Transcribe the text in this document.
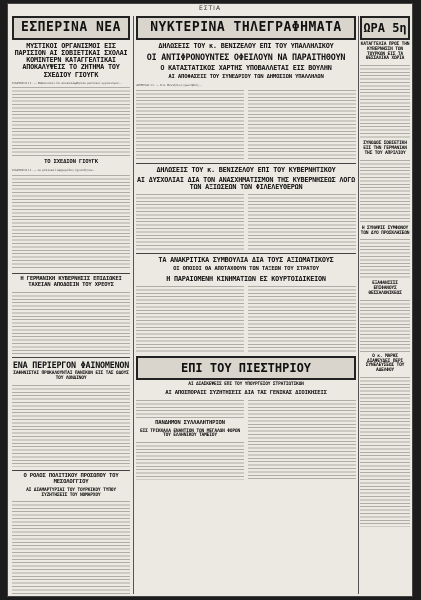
ΕΣΤΙΑ
ΕΣΠΕΡΙΝΑ ΝΕΑ
ΜΥΣΤΙΚΟΙ ΟΡΓΑΝΙΣΜΟΙ ΕΙΣ ΠΑΡΙΣΙΟΝ ΑΙ ΣΟΒΙΕΤΙΚΑΙ ΣΧΟΛΑΙ ΚΟΜΙΝΤΕΡΝ ΚΑΤΑΓΓΕΛΤΙΚΑΙ ΑΠΟΚΑΛΥΨΕΙΣ ΤΟ ΖΗΤΗΜΑ ΤΟΥ ΣΧΕΔΙΟΥ ΓΙΟΥΓΚ
ΠΑΡΙΣΙΟΙ 11. — Βεβαιούται ότι ανεκαλύφθησαν μυστικοί οργανισμοί...
ΤΟ ΣΧΕΔΙΟΝ ΓΙΟΥΓΚ
ΠΑΡΙΣΙΟΙ 11. — Αι γαλλικαί εφημερίδες σχολιάζουν...
Η ΓΕΡΜΑΝΙΚΗ ΚΥΒΕΡΝΗΣΙΣ ΕΠΙΔΙΩΚΕΙ ΤΑΧΕΙΑΝ ΑΠΟΔΟΣΙΝ ΤΟΥ ΧΡΕΟΥΣ
ΕΝΑ ΠΕΡΙΕΡΓΟΝ ΦΑΙΝΟΜΕΝΟΝ
ΣΑΦΗΝΙΣΤΑΙ ΠΡΟΚΑΛΟΥΝΤΑΙ ΠΑΝΙΚΟΝ ΕΙΣ ΤΑΣ ΟΔΟΥΣ ΤΟΥ ΛΟΝΔΙΝΟΥ
Ο ΡΟΛΟΣ ΠΟΛΙΤΙΚΟΥ ΠΡΟΣΩΠΟΥ ΤΟΥ ΜΕΣΟΛΟΓΓΙΟΥ
ΑΙ ΔΙΑΜΑΡΤΥΡΙΑΙ ΤΟΥ ΤΟΥΡΚΙΚΟΥ ΤΥΠΟΥ ΣΥΖΗΤΗΣΕΙΣ ΤΟΥ ΝΟΜΑΡΧΟΥ
ΝΥΚΤΕΡΙΝΑ ΤΗΛΕΓΡΑΦΗΜΑΤΑ
ΔΗΛΩΣΕΙΣ ΤΟΥ κ. ΒΕΝΙΖΕΛΟΥ ΕΠΙ ΤΟΥ ΥΠΑΛΛΗΛΙΚΟΥ
ΟΙ ΑΝΤΙΦΡΟΝΟΥΝΤΕΣ ΟΦΕΙΛΟΥΝ ΝΑ ΠΑΡΑΙΤΗΘΟΥΝ
Ο ΚΑΤΑΣΤΑΤΙΚΟΣ ΧΑΡΤΗΣ ΥΠΟΒΑΛΛΕΤΑΙ ΕΙΣ ΒΟΥΛΗΝ
ΑΙ ΑΠΟΦΑΣΕΙΣ ΤΟΥ ΣΥΝΕΔΡΙΟΥ ΤΩΝ ΔΗΜΟΣΙΩΝ ΥΠΑΛΛΗΛΩΝ
ΑΘΗΝΑΙ 11. — Ο κ. Βενιζέλος ερωτηθείς...
ΔΗΛΩΣΕΙΣ ΤΟΥ κ. ΒΕΝΙΖΕΛΟΥ ΕΠΙ ΤΟΥ ΚΥΒΕΡΝΗΤΙΚΟΥ
ΑΙ ΔΥΣΧΟΛΙΑΙ ΔΙΑ ΤΟΝ ΑΝΑΣΧΗΜΑΤΙΣΜΟΝ ΤΗΣ ΚΥΒΕΡΝΗΣΕΩΣ ΛΟΓΩ ΤΩΝ ΑΞΙΩΣΕΩΝ ΤΩΝ ΦΙΛΕΛΕΥΘΕΡΩΝ
ΤΑ ΑΝΑΚΡΙΤΙΚΑ ΣΥΜΒΟΥΛΙΑ ΔΙΑ ΤΟΥΣ ΑΞΙΩΜΑΤΙΚΟΥΣ
ΟΙ ΟΠΟΙΟΙ ΘΑ ΑΠΟΤΑΧΘΟΥΝ ΤΩΝ ΤΑΞΕΩΝ ΤΟΥ ΣΤΡΑΤΟΥ
Η ΠΑΡΑΙΟΜΕΝΗ ΚΙΝΗΜΑΤΙΩΝ ΕΣ ΚΟΥΡΤΟΙΔΙΚΕΙΟΝ
ΕΠΙ ΤΟΥ ΠΙΕΣΤΗΡΙΟΥ
ΑΙ ΔΙΑΣΚΕΨΕΙΣ ΕΠΙ ΤΟΥ ΥΠΟΥΡΓΕΙΟΥ ΣΤΡΑΤΙΩΤΙΚΩΝ
ΑΙ ΑΠΟΣΠΟΡΑΙΣ ΣΥΖΗΤΗΣΕΙΣ ΔΙΑ ΤΑΣ ΓΕΝΙΚΑΣ ΔΙΟΙΚΗΣΕΙΣ
ΠΑΝΔΗΜΟΝ ΣΥΛΛΑΛΗΤΗΡΙΟΝ
ΕΙΣ ΤΡΙΚΚΑΛΑ ΕΝΑΝΤΙΟΝ ΤΩΝ ΜΕΓΑΛΩΝ ΦΟΡΩΝ ΤΟΥ ΕΛΛΗΝΙΚΟΥ ΤΑΜΕΙΟΥ
ΩΡΑ 5η
ΚΑΤΑΓΓΕΛΙΑ ΠΡΟΣ ΤΗΝ ΚΥΒΕΡΝΗΣΙΝ ΤΩΝ ΤΟΥΡΚΩΝ ΕΙΣ ΤΑ ΘΕΣΣΑΛΙΚΑ ΧΩΡΙΑ
ΣΥΝΟΔΟΣ ΣΟΒΙΕΤΙΚΗ ΕΙΣ ΤΗΝ ΓΕΡΜΑΝΙΑΝ ΤΗΣ ΤΟΥ ΑΠΡΙΛΙΟΥ
Η ΣΥΝΑΨΙΣ ΣΥΜΦΩΝΟΥ ΤΩΝ ΔΥΟ ΠΡΟΣΚΛΗΣΕΩΝ
ΕΞΑΦΑΝΙΣΙΣ ΕΠΙΦΑΝΟΥΣ ΘΕΣΣΑΛΟΝΙΚΕΩΣ
Ο κ. ΜΑΡΗΣ ΔΙΑΨΕΥΔΕΙ ΠΕΡΙ ΣΥΝΕΛΕΥΣΕΩΣ ΤΟΥ ΑΔΕΛΦΟΥ
